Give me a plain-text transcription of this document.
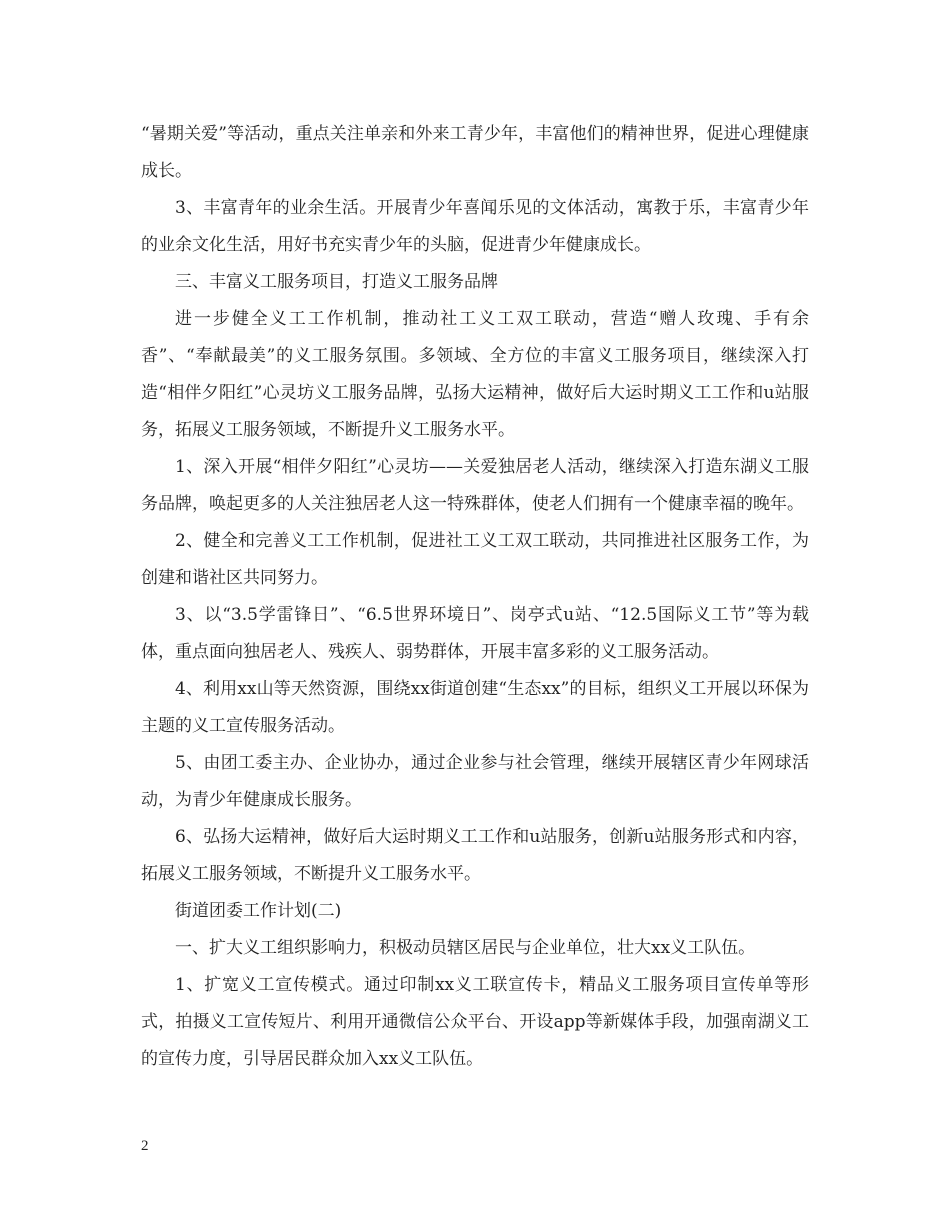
“暑期关爱”等活动，重点关注单亲和外来工青少年，丰富他们的精神世界，促进心理健康成长。

3、丰富青年的业余生活。开展青少年喜闻乐见的文体活动，寓教于乐，丰富青少年的业余文化生活，用好书充实青少年的头脑，促进青少年健康成长。

三、丰富义工服务项目，打造义工服务品牌

进一步健全义工工作机制，推动社工义工双工联动，营造“赠人玫瑰、手有余香”、“奉献最美”的义工服务氛围。多领域、全方位的丰富义工服务项目，继续深入打造“相伴夕阳红”心灵坊义工服务品牌，弘扬大运精神，做好后大运时期义工工作和u站服务，拓展义工服务领域，不断提升义工服务水平。

1、深入开展“相伴夕阳红”心灵坊——关爱独居老人活动，继续深入打造东湖义工服务品牌，唤起更多的人关注独居老人这一特殊群体，使老人们拥有一个健康幸福的晚年。

2、健全和完善义工工作机制，促进社工义工双工联动，共同推进社区服务工作，为创建和谐社区共同努力。

3、以“3.5学雷锋日”、“6.5世界环境日”、岗亭式u站、“12.5国际义工节”等为载体，重点面向独居老人、残疾人、弱势群体，开展丰富多彩的义工服务活动。

4、利用xx山等天然资源，围绕xx街道创建“生态xx”的目标，组织义工开展以环保为主题的义工宣传服务活动。

5、由团工委主办、企业协办，通过企业参与社会管理，继续开展辖区青少年网球活动，为青少年健康成长服务。

6、弘扬大运精神，做好后大运时期义工工作和u站服务，创新u站服务形式和内容，拓展义工服务领域，不断提升义工服务水平。

街道团委工作计划(二)

一、扩大义工组织影响力，积极动员辖区居民与企业单位，壮大xx义工队伍。

1、扩宽义工宣传模式。通过印制xx义工联宣传卡，精品义工服务项目宣传单等形式，拍摄义工宣传短片、利用开通微信公众平台、开设app等新媒体手段，加强南湖义工的宣传力度，引导居民群众加入xx义工队伍。

2
